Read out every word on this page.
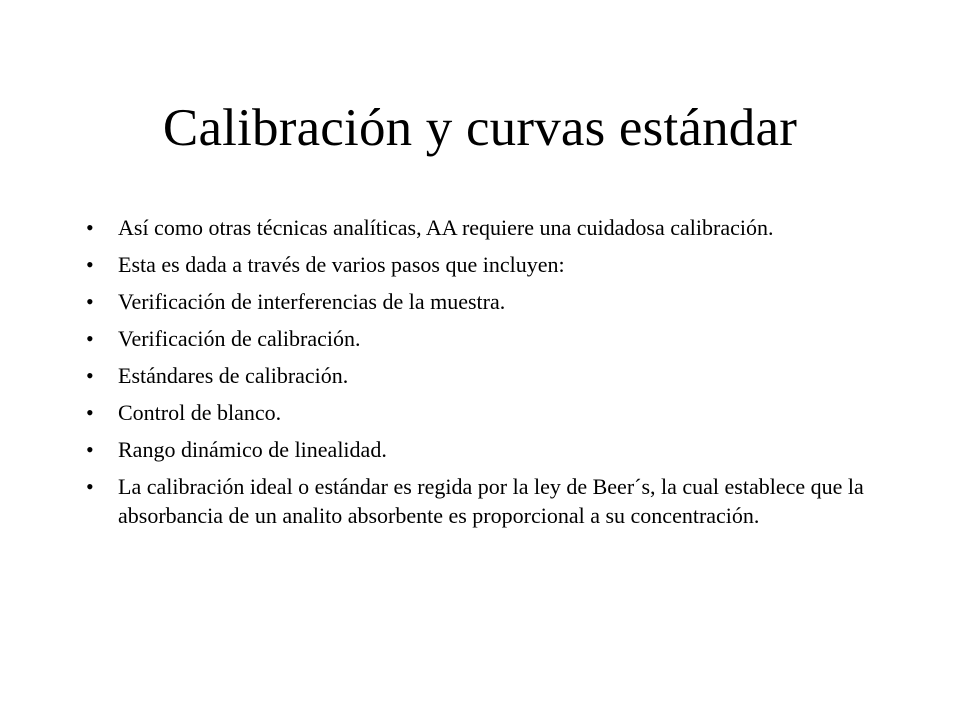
Calibración y curvas estándar
• Así como otras técnicas analíticas, AA requiere una cuidadosa calibración.
• Esta es dada a través de varios pasos que incluyen:
• Verificación de interferencias de la muestra.
• Verificación de calibración.
• Estándares de calibración.
• Control de blanco.
• Rango dinámico de linealidad.
• La calibración ideal o estándar es regida por la ley de Beer´s, la cual establece que la absorbancia de un analito absorbente es proporcional a su concentración.
